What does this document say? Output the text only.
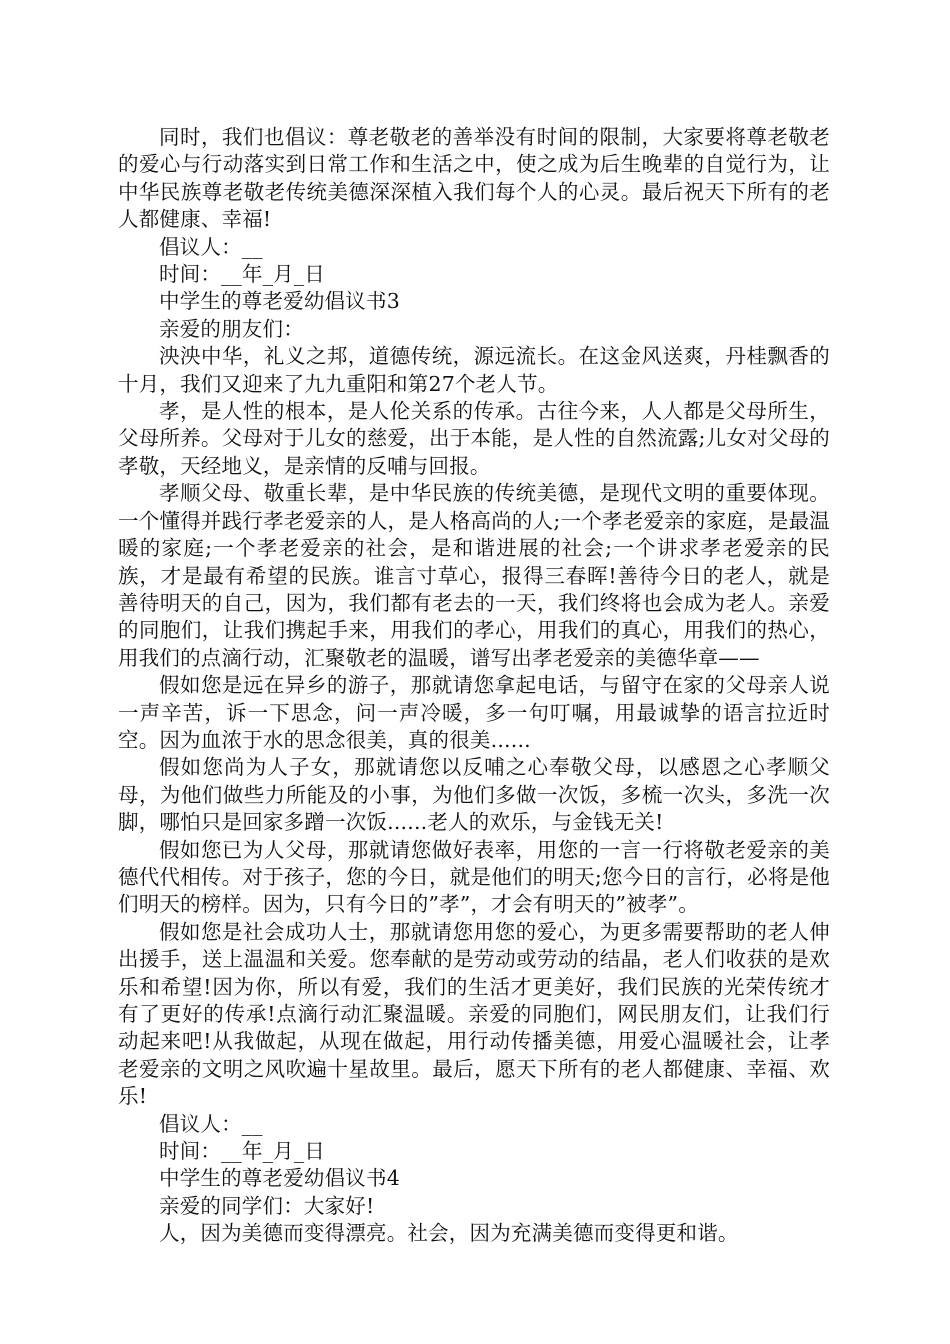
同时，我们也倡议：尊老敬老的善举没有时间的限制，大家要将尊老敬老的爱心与行动落实到日常工作和生活之中，使之成为后生晚辈的自觉行为，让中华民族尊老敬老传统美德深深植入我们每个人的心灵。最后祝天下所有的老人都健康、幸福!

倡议人：__

时间：__年_月_日

中学生的尊老爱幼倡议书3

亲爱的朋友们：

泱泱中华，礼义之邦，道德传统，源远流长。在这金风送爽，丹桂飘香的十月，我们又迎来了九九重阳和第27个老人节。

孝，是人性的根本，是人伦关系的传承。古往今来，人人都是父母所生，父母所养。父母对于儿女的慈爱，出于本能，是人性的自然流露;儿女对父母的孝敬，天经地义，是亲情的反哺与回报。

孝顺父母、敬重长辈，是中华民族的传统美德，是现代文明的重要体现。一个懂得并践行孝老爱亲的人，是人格高尚的人;一个孝老爱亲的家庭，是最温暖的家庭;一个孝老爱亲的社会，是和谐进展的社会;一个讲求孝老爱亲的民族，才是最有希望的民族。谁言寸草心，报得三春晖!善待今日的老人，就是善待明天的自己，因为，我们都有老去的一天，我们终将也会成为老人。亲爱的同胞们，让我们携起手来，用我们的孝心，用我们的真心，用我们的热心，用我们的点滴行动，汇聚敬老的温暖，谱写出孝老爱亲的美德华章——

假如您是远在异乡的游子，那就请您拿起电话，与留守在家的父母亲人说一声辛苦，诉一下思念，问一声冷暖，多一句叮嘱，用最诚挚的语言拉近时空。因为血浓于水的思念很美，真的很美......

假如您尚为人子女，那就请您以反哺之心奉敬父母，以感恩之心孝顺父母，为他们做些力所能及的小事，为他们多做一次饭，多梳一次头，多洗一次脚，哪怕只是回家多蹭一次饭......老人的欢乐，与金钱无关!

假如您已为人父母，那就请您做好表率，用您的一言一行将敬老爱亲的美德代代相传。对于孩子，您的今日，就是他们的明天;您今日的言行，必将是他们明天的榜样。因为，只有今日的”孝”，才会有明天的”被孝”。

假如您是社会成功人士，那就请您用您的爱心，为更多需要帮助的老人伸出援手，送上温温和关爱。您奉献的是劳动或劳动的结晶，老人们收获的是欢乐和希望!因为你，所以有爱，我们的生活才更美好，我们民族的光荣传统才有了更好的传承!点滴行动汇聚温暖。亲爱的同胞们，网民朋友们，让我们行动起来吧!从我做起，从现在做起，用行动传播美德，用爱心温暖社会，让孝老爱亲的文明之风吹遍十星故里。最后，愿天下所有的老人都健康、幸福、欢乐!

倡议人：__

时间：__年_月_日

中学生的尊老爱幼倡议书4

亲爱的同学们：大家好!

人，因为美德而变得漂亮。社会，因为充满美德而变得更和谐。
